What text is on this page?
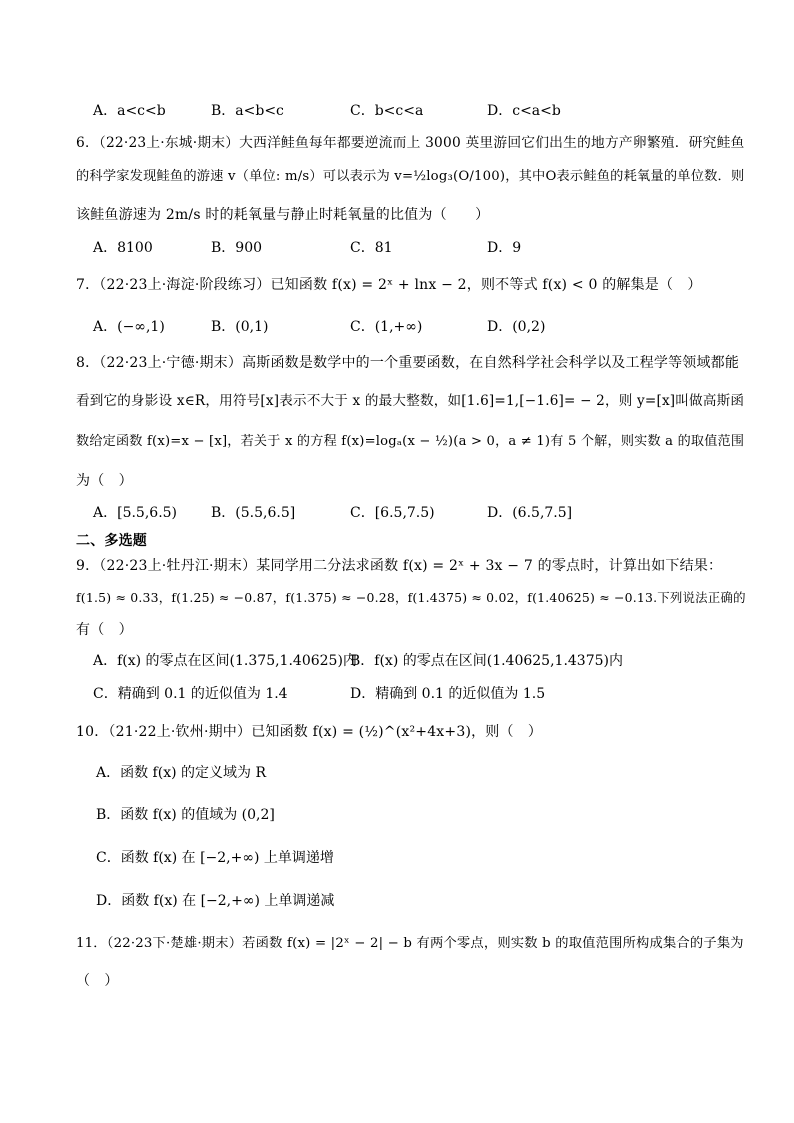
A．a<c<b	B．a<b<c	C．b<c<a	D．c<a<b
6．（22·23上·东城·期末）大西洋鲑鱼每年都要逆流而上 3000 英里游回它们出生的地方产卵繁殖．研究鲑鱼
的科学家发现鲑鱼的游速 v（单位: m/s）可以表示为 v=½log₃(O/100)，其中O表示鲑鱼的耗氧量的单位数．则
该鲑鱼游速为 2m/s 时的耗氧量与静止时耗氧量的比值为（　　）
A．8100	B．900	C．81	D．9
7．（22·23上·海淀·阶段练习）已知函数 f(x) = 2ˣ + lnx − 2，则不等式 f(x) < 0 的解集是（　）
A．(−∞,1)	B．(0,1)	C．(1,+∞)	D．(0,2)
8．（22·23上·宁德·期末）高斯函数是数学中的一个重要函数，在自然科学社会科学以及工程学等领域都能
看到它的身影设 x∈R，用符号[x]表示不大于 x 的最大整数，如[1.6]=1,[−1.6]= − 2，则 y=[x]叫做高斯函
数给定函数 f(x)=x − [x]，若关于 x 的方程 f(x)=logₐ(x − ½)(a > 0，a ≠ 1)有 5 个解，则实数 a 的取值范围
为（　）
A．[5.5,6.5) B．(5.5,6.5]	C．[6.5,7.5)	D．(6.5,7.5]
二、多选题
9．（22·23上·牡丹江·期末）某同学用二分法求函数 f(x) = 2ˣ + 3x − 7 的零点时，计算出如下结果：
f(1.5) ≈ 0.33，f(1.25) ≈ −0.87，f(1.375) ≈ −0.28，f(1.4375) ≈ 0.02，f(1.40625) ≈ −0.13.下列说法正确的
有（　）
A．f(x) 的零点在区间(1.375,1.40625)内
B．f(x) 的零点在区间(1.40625,1.4375)内
C．精确到 0.1 的近似值为 1.4	D．精确到 0.1 的近似值为 1.5
10．（21·22上·钦州·期中）已知函数 f(x) = (½)^(x²+4x+3)，则（　）
A．函数 f(x) 的定义域为 R
B．函数 f(x) 的值域为 (0,2]
C．函数 f(x) 在 [−2,+∞) 上单调递增
D．函数 f(x) 在 [−2,+∞) 上单调递减
11．（22·23下·楚雄·期末）若函数 f(x) = |2ˣ − 2| − b 有两个零点，则实数 b 的取值范围所构成集合的子集为
（　）
